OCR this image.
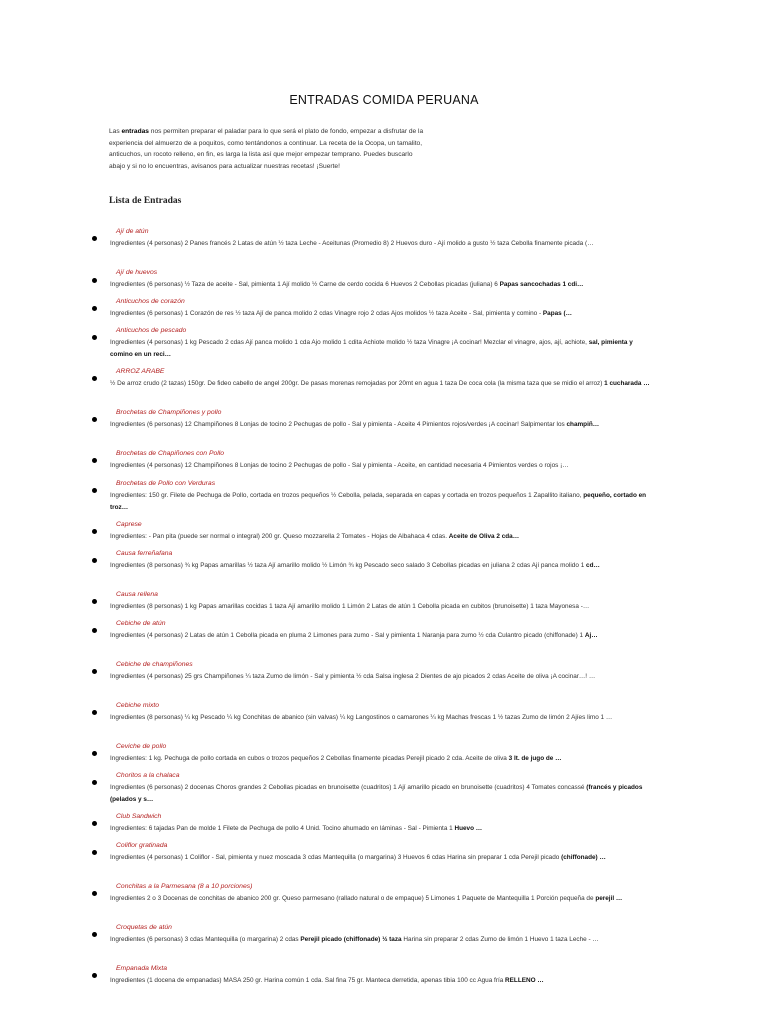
ENTRADAS COMIDA PERUANA
Las entradas nos permiten preparar el paladar para lo que será el plato de fondo, empezar a disfrutar de la experiencia del almuerzo de a poquitos, como tentándonos a continuar. La receta de la Ocopa, un tamalito, anticuchos, un rocoto relleno, en fin, es larga la lista así que mejor empezar temprano. Puedes buscarlo abajo y si no lo encuentras, avisanos para actualizar nuestras recetas! ¡Suerte!
Lista de Entradas
Ají de atún
Ingredientes (4 personas) 2 Panes francés 2 Latas de atún ½ taza Leche - Aceitunas (Promedio 8) 2 Huevos duro - Ají molido a gusto ½ taza Cebolla finamente picada (…
Ají de huevos
Ingredientes (6 personas) ½ Taza de aceite - Sal, pimienta 1 Ají molido ½ Carne de cerdo cocida 6 Huevos 2 Cebollas picadas (juliana) 6 Papas sancochadas 1 cdi…
Anticuchos de corazón
Ingredientes (6 personas) 1 Corazón de res ½ taza Ají de panca molido 2 cdas Vinagre rojo 2 cdas Ajos molidos ½ taza Aceite - Sal, pimienta y comino - Papas (…
Anticuchos de pescado
Ingredientes (4 personas) 1 kg Pescado 2 cdas Ají panca molido 1 cda Ajo molido 1 cdita Achiote molido ½ taza Vinagre ¡A cocinar! Mezclar el vinagre, ajos, ají, achiote, sal, pimienta y comino en un reci…
ARROZ ARABE
½ De arroz crudo (2 tazas) 150gr. De fideo cabello de angel 200gr. De pasas morenas remojadas por 20mt en agua 1 taza De coca cola (la misma taza que se midio el arroz) 1 cucharada …
Brochetas de Champiñones y pollo
Ingredientes (6 personas) 12 Champiñones 8 Lonjas de tocino 2 Pechugas de pollo - Sal y pimienta - Aceite 4 Pimientos rojos/verdes ¡A cocinar! Salpimentar los champiñ…
Brochetas de Chapiñones con Pollo
Ingredientes (4 personas) 12 Champiñones 8 Lonjas de tocino 2 Pechugas de pollo - Sal y pimienta - Aceite, en cantidad necesaria 4 Pimientos verdes o rojos ¡…
Brochetas de Pollo con Verduras
Ingredientes: 150 gr. Filete de Pechuga de Pollo, cortada en trozos pequeños ½ Cebolla, pelada, separada en capas y cortada en trozos pequeños 1 Zapallito italiano, pequeño, cortado en troz…
Caprese
Ingredientes: - Pan pita (puede ser normal o integral) 200 gr. Queso mozzarella 2 Tomates - Hojas de Albahaca 4 cdas. Aceite de Oliva 2 cda…
Causa ferreñafana
Ingredientes (8 personas) ¾ kg Papas amarillas ½ taza Ají amarillo molido ½ Limón ¾ kg Pescado seco salado 3 Cebollas picadas en juliana 2 cdas Ají panca molido 1 cd…
Causa rellena
Ingredientes (8 personas) 1 kg Papas amarillas cocidas 1 taza Ají amarillo molido 1 Limón 2 Latas de atún 1 Cebolla picada en cubitos (brunoisette) 1 taza Mayonesa -…
Cebiche de atún
Ingredientes (4 personas) 2 Latas de atún 1 Cebolla picada en pluma 2 Limones para zumo - Sal y pimienta 1 Naranja para zumo ½ cda Culantro picado (chiffonade) 1 Aj…
Cebiche de champiñones
Ingredientes (4 personas) 25 grs Champiñones ¼ taza Zumo de limón - Sal y pimienta ½ cda Salsa inglesa 2 Dientes de ajo picados 2 cdas Aceite de oliva ¡A cocinar…! …
Cebiche mixto
Ingredientes (8 personas) ¼ kg Pescado ¼ kg Conchitas de abanico (sin valvas) ¼ kg Langostinos o camarones ¼ kg Machas frescas 1 ½ tazas Zumo de limón 2 Ajíes limo 1 …
Ceviche de pollo
Ingredientes: 1 kg. Pechuga de pollo cortada en cubos o trozos pequeños 2 Cebollas finamente picadas Perejil picado 2 cda. Aceite de oliva 3 lt. de jugo de …
Choritos a la chalaca
Ingredientes (6 personas) 2 docenas Choros grandes 2 Cebollas picadas en brunoisette (cuadritos) 1 Ají amarillo picado en brunoisette (cuadritos) 4 Tomates concassé (francés y picados (pelados y s…
Club Sandwich
Ingredientes: 6 tajadas Pan de molde 1 Filete de Pechuga de pollo 4 Unid. Tocino ahumado en láminas - Sal - Pimienta 1 Huevo …
Coliflor gratinada
Ingredientes (4 personas) 1 Coliflor - Sal, pimienta y nuez moscada 3 cdas Mantequilla (o margarina) 3 Huevos 6 cdas Harina sin preparar 1 cda Perejil picado (chiffonade) …
Conchitas a la Parmesana (8 a 10 porciones)
Ingredientes 2 o 3 Docenas de conchitas de abanico 200 gr. Queso parmesano (rallado natural o de empaque) 5 Limones 1 Paquete de Mantequilla 1 Porción pequeña de perejil …
Croquetas de atún
Ingredientes (6 personas) 3 cdas Mantequilla (o margarina) 2 cdas Perejil picado (chiffonade) ½ taza Harina sin preparar 2 cdas Zumo de limón 1 Huevo 1 taza Leche - …
Empanada Mixta
Ingredientes (1 docena de empanadas) MASA 250 gr. Harina común 1 cda. Sal fina 75 gr. Manteca derretida, apenas tibia 100 cc Agua fría RELLENO …
